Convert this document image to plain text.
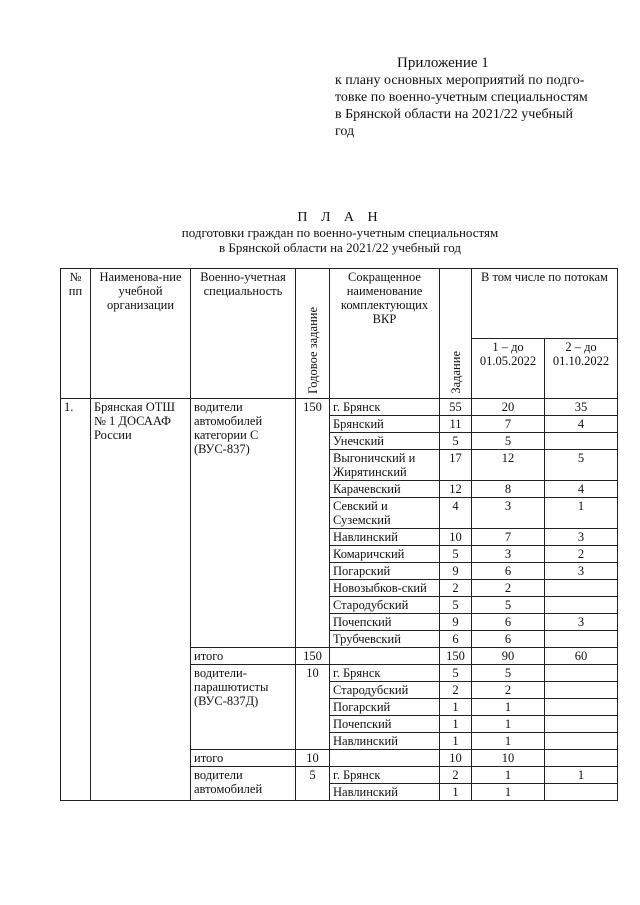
Приложение 1
к плану основных мероприятий по подго-
товке по военно-учетным специальностям
в Брянской области на 2021/22 учебный
год
П Л А Н
подготовки граждан по военно-учетным специальностям
в Брянской области на 2021/22 учебный год
№ пп	Наименова-ние учебной организации	Военно-учетная специальность	Годовое задание	Сокращенное наименование комплектующих ВКР	Задание	В том числе по потокам	
						1 – до 01.05.2022	2 – до 01.10.2022
1.	Брянская ОТШ № 1 ДОСААФ России	водители автомобилей категории С (ВУС-837)	150	г. Брянск	55	20	35
				Брянский	11	7	4
				Унечский	5	5	
				Выгоничский и Жирятинский	17	12	5
				Карачевский	12	8	4
				Севский и Суземский	4	3	1
				Навлинский	10	7	3
				Комаричский	5	3	2
				Погарский	9	6	3
				Новозыбков-ский	2	2	
				Стародубский	5	5	
				Почепский	9	6	3
				Трубчевский	6	6	
		итого	150		150	90	60
		водители-парашютисты (ВУС-837Д)	10	г. Брянск	5	5	
				Стародубский	2	2	
				Погарский	1	1	
				Почепский	1	1	
				Навлинский	1	1	
		итого	10		10	10	
		водители автомобилей	5	г. Брянск	2	1	1
				Навлинский	1	1	
